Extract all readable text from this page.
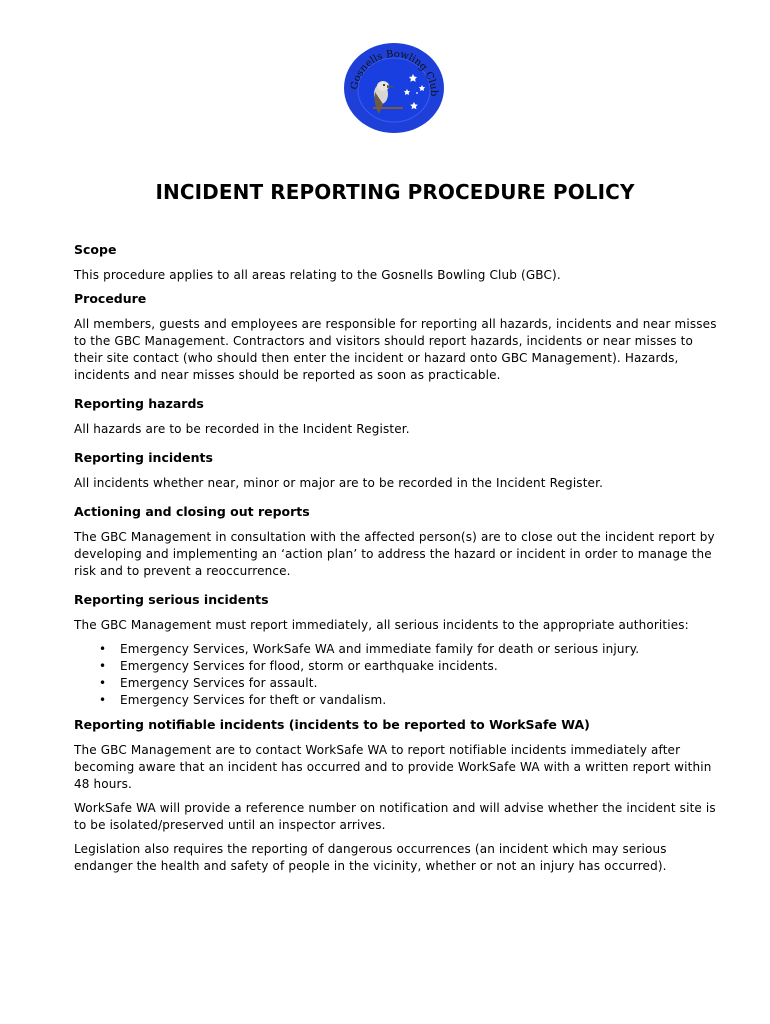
Gosnells Bowling Club
INCIDENT REPORTING PROCEDURE POLICY
Scope

This procedure applies to all areas relating to the Gosnells Bowling Club (GBC).

Procedure

All members, guests and employees are responsible for reporting all hazards, incidents and near misses to the GBC Management. Contractors and visitors should report hazards, incidents or near misses to their site contact (who should then enter the incident or hazard onto GBC Management). Hazards, incidents and near misses should be reported as soon as practicable.

Reporting hazards

All hazards are to be recorded in the Incident Register.

Reporting incidents

All incidents whether near, minor or major are to be recorded in the Incident Register.

Actioning and closing out reports

The GBC Management in consultation with the affected person(s) are to close out the incident report by developing and implementing an ‘action plan’ to address the hazard or incident in order to manage the risk and to prevent a reoccurrence.

Reporting serious incidents

The GBC Management must report immediately, all serious incidents to the appropriate authorities:

• Emergency Services, WorkSafe WA and immediate family for death or serious injury.
• Emergency Services for flood, storm or earthquake incidents.
• Emergency Services for assault.
• Emergency Services for theft or vandalism.
Reporting notifiable incidents (incidents to be reported to WorkSafe WA)

The GBC Management are to contact WorkSafe WA to report notifiable incidents immediately after becoming aware that an incident has occurred and to provide WorkSafe WA with a written report within 48 hours.

WorkSafe WA will provide a reference number on notification and will advise whether the incident site is to be isolated/preserved until an inspector arrives.

Legislation also requires the reporting of dangerous occurrences (an incident which may serious endanger the health and safety of people in the vicinity, whether or not an injury has occurred).
